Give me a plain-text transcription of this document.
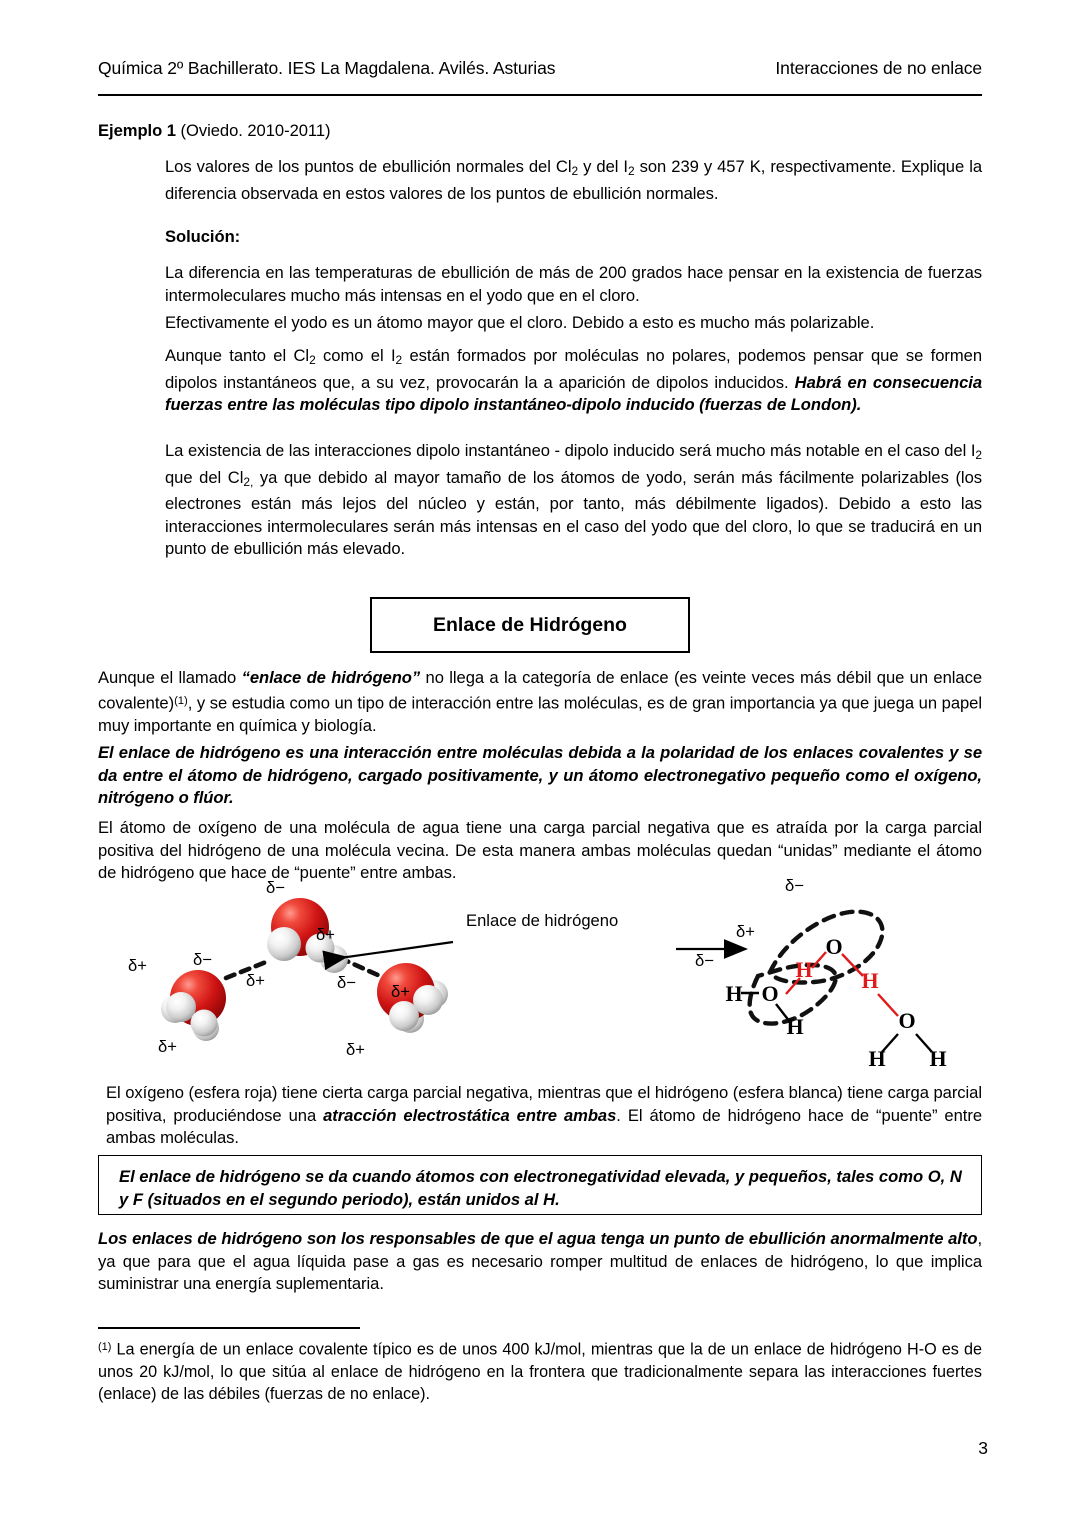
Química 2º Bachillerato. IES La Magdalena. Avilés. Asturias	Interacciones de no enlace
Ejemplo 1 (Oviedo. 2010-2011)
Los valores de los puntos de ebullición normales del $Cl_2$ y del $I_2$ son 239 y 457 K, respectivamente. Explique la diferencia observada en estos valores de los puntos de ebullición normales.
Solución:
La diferencia en las temperaturas de ebullición de más de 200 grados hace pensar en la existencia de fuerzas intermoleculares mucho más intensas en el yodo que en el cloro.
Efectivamente el yodo es un átomo mayor que el cloro. Debido a esto es mucho más polarizable.
Aunque tanto el $Cl_2$ como el $I_2$ están formados por moléculas no polares, podemos pensar que se formen dipolos instantáneos que, a su vez, provocarán la a aparición de dipolos inducidos. Habrá en consecuencia fuerzas entre las moléculas tipo dipolo instantáneo-dipolo inducido (fuerzas de London).
La existencia de las interacciones dipolo instantáneo - dipolo inducido será mucho más notable en el caso del $I_2$ que del $Cl_{2,}$ ya que debido al mayor tamaño de los átomos de yodo, serán más fácilmente polarizables (los electrones están más lejos del núcleo y están, por tanto, más débilmente ligados). Debido a esto las interacciones intermoleculares serán más intensas en el caso del yodo que del cloro, lo que se traducirá en un punto de ebullición más elevado.
Enlace de Hidrógeno
Aunque el llamado “enlace de hidrógeno” no llega a la categoría de enlace (es veinte veces más débil que un enlace covalente)$^{(1)}$, y se estudia como un tipo de interacción entre las moléculas, es de gran importancia ya que juega un papel muy importante en química y biología.
El enlace de hidrógeno es una interacción entre moléculas debida a la polaridad de los enlaces covalentes y se da entre el átomo de hidrógeno, cargado positivamente, y un átomo electronegativo pequeño como el oxígeno, nitrógeno o flúor.
El átomo de oxígeno de una molécula de agua tiene una carga parcial negativa que es atraída por la carga parcial positiva del hidrógeno de una molécula vecina. De esta manera ambas moléculas quedan “unidas” mediante el átomo de hidrógeno que hace de “puente” entre ambas.
H O
H
H
O
H
O
H H
δ+	δ−
δ+
δ−
δ+
δ+
δ− δ+
δ+
Enlace de hidrógeno
δ−
δ+
δ−
El oxígeno (esfera roja) tiene cierta carga parcial negativa, mientras que el hidrógeno (esfera blanca) tiene carga parcial positiva, produciéndose una atracción electrostática entre ambas. El átomo de hidrógeno hace de “puente” entre ambas moléculas.
El enlace de hidrógeno se da cuando átomos con electronegatividad elevada, y pequeños, tales como O, N y F (situados en el segundo periodo), están unidos al H.
Los enlaces de hidrógeno son los responsables de que el agua tenga un punto de ebullición anormalmente alto, ya que para que el agua líquida pase a gas es necesario romper multitud de enlaces de hidrógeno, lo que implica suministrar una energía suplementaria.
$^{(1)}$ La energía de un enlace covalente típico es de unos 400 kJ/mol, mientras que la de un enlace de hidrógeno H-O es de unos 20 kJ/mol, lo que sitúa al enlace de hidrógeno en la frontera que tradicionalmente separa las interacciones fuertes (enlace) de las débiles (fuerzas de no enlace).
3
